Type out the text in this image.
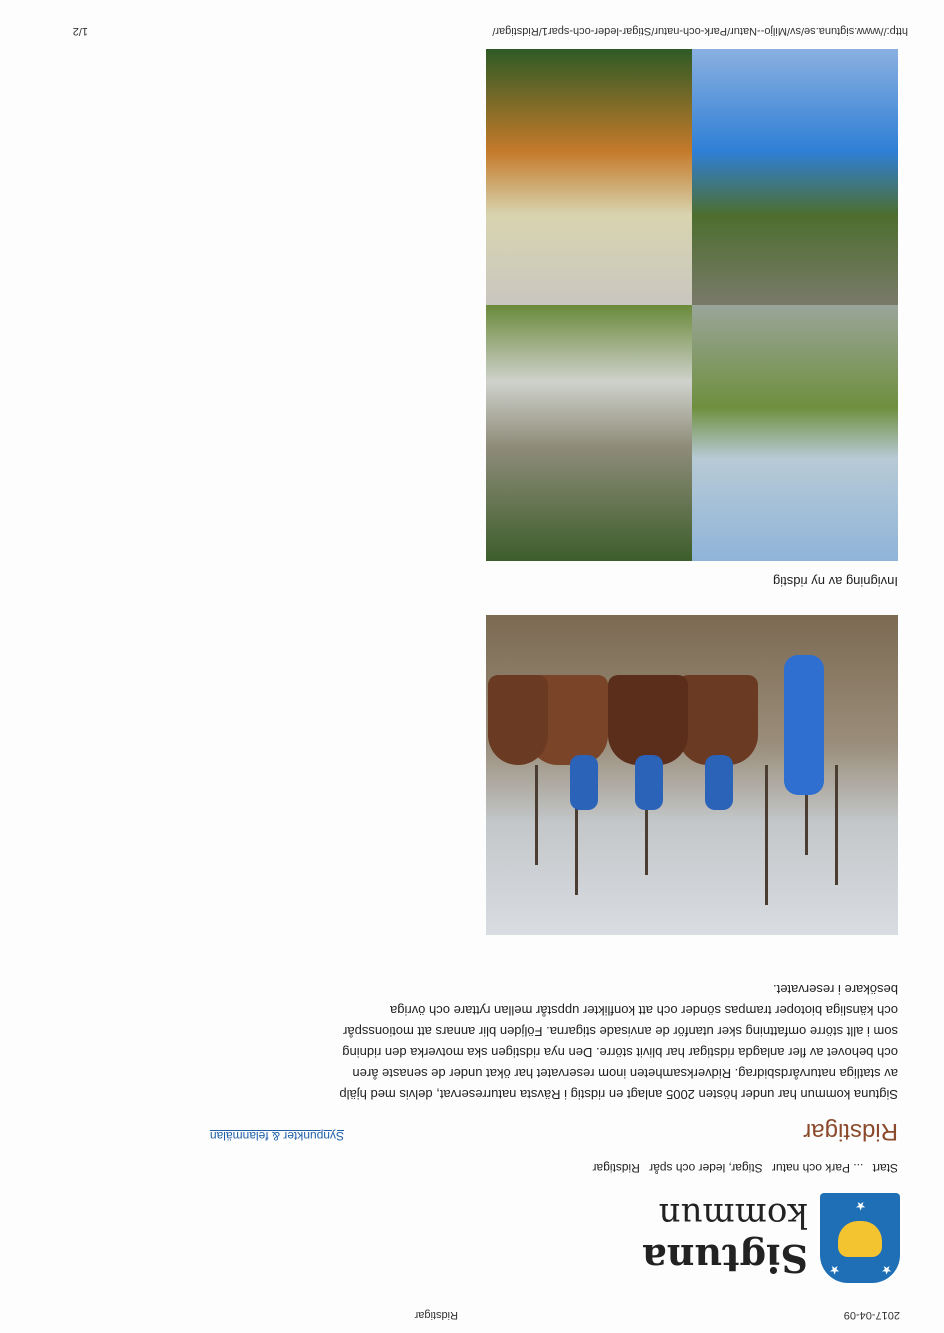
2017-04-09
Ridstigar
★
★
★
Sigtuna
kommun
Start ... Park och natur Stigar, leder och spår Ridstigar
Ridstigar
Synpunkter & felanmälan
Sigtuna kommun har under hösten 2005 anlagt en ridstig i Rävsta naturreservat, delvis med hjälp av statliga naturvårdsbidrag. Ridverksamheten inom reservatet har ökat under de senaste åren och behovet av fler anlagda ridstigar har blivit större. Den nya ridstigen ska motverka den ridning som i allt större omfattning sker utanför de anvisade stigarna. Följden blir annars att motionsspår och känsliga biotoper trampas sönder och att konflikter uppstår mellan ryttare och övriga besökare i reservatet.
Invigning av ny ridstig
http://www.sigtuna.se/sv/Miljo--Natur/Park-och-natur/Stigar-leder-och-spar1/Ridstigar/
1/2
